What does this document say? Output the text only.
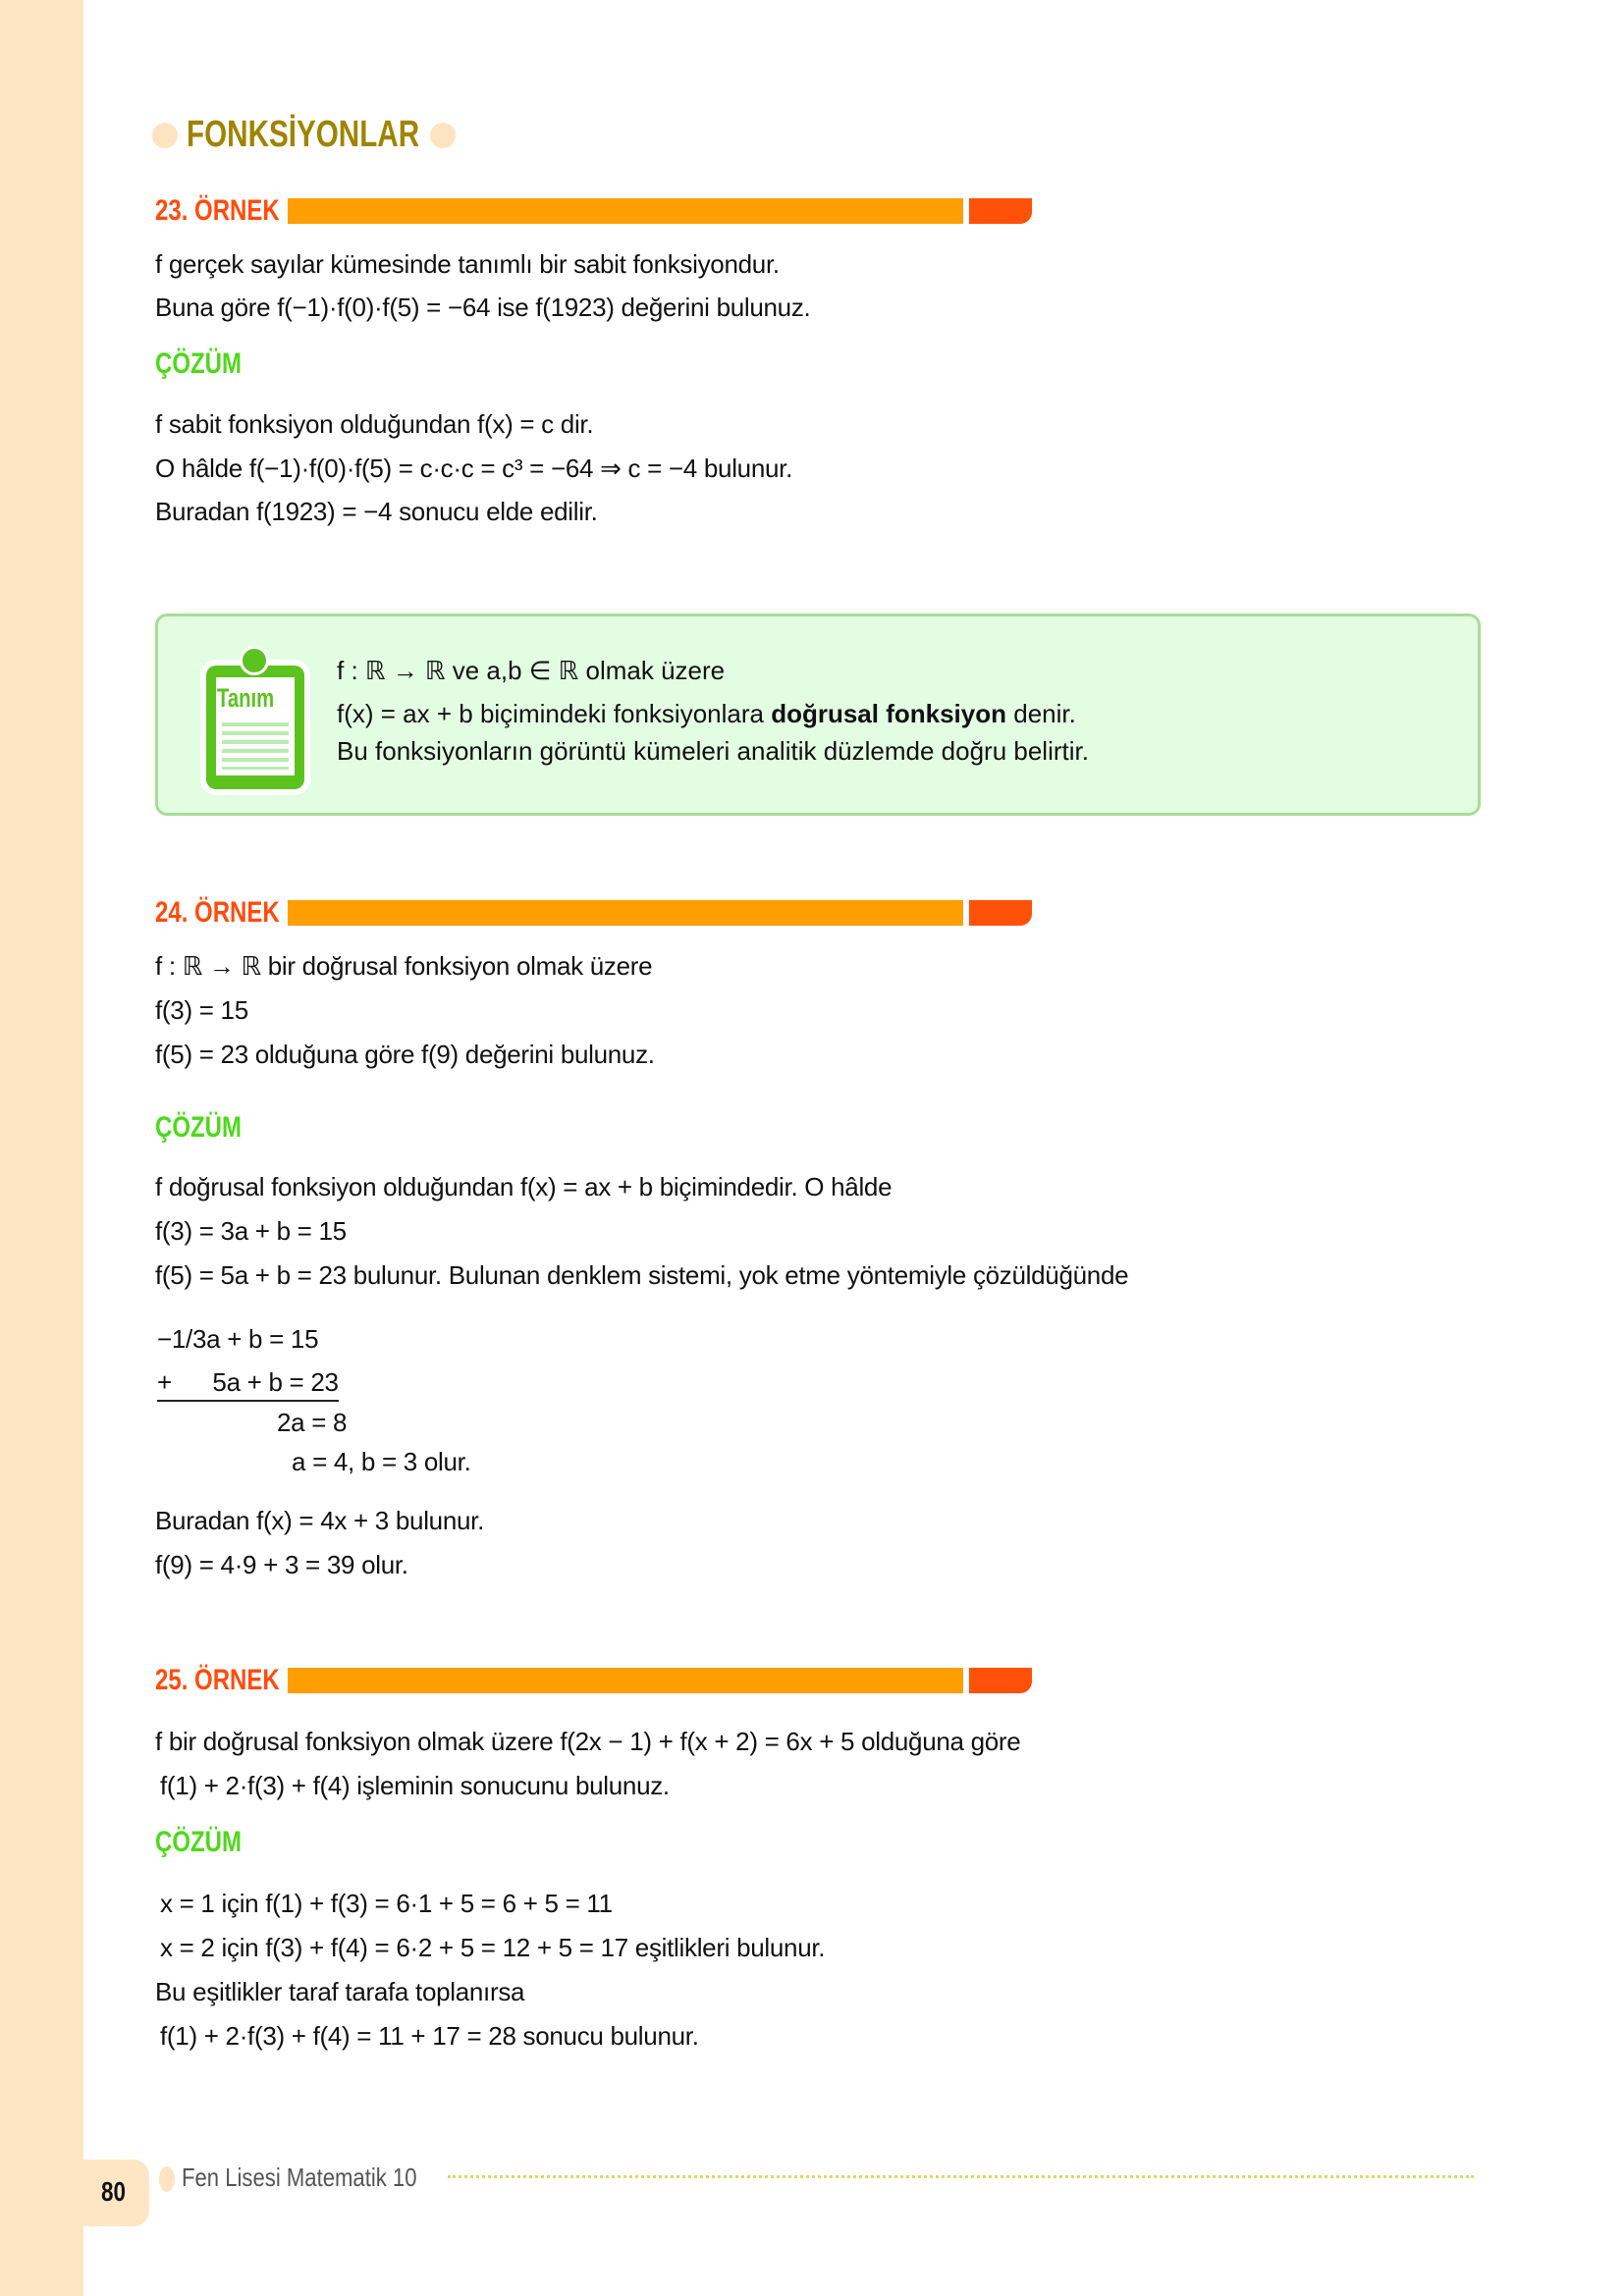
FONKSİYONLAR
23. ÖRNEK
f gerçek sayılar kümesinde tanımlı bir sabit fonksiyondur.
Buna göre f(−1)·f(0)·f(5) = −64 ise f(1923) değerini bulunuz.
ÇÖZÜM
f sabit fonksiyon olduğundan f(x) = c dir.
O hâlde f(−1)·f(0)·f(5) = c·c·c = c³ = −64 ⇒ c = −4 bulunur.
Buradan f(1923) = −4 sonucu elde edilir.
Tanım
f : ℝ → ℝ ve a,b ∈ ℝ olmak üzere
f(x) = ax + b biçimindeki fonksiyonlara doğrusal fonksiyon denir.
Bu fonksiyonların görüntü kümeleri analitik düzlemde doğru belirtir.
24. ÖRNEK
f : ℝ → ℝ bir doğrusal fonksiyon olmak üzere
f(3) = 15
f(5) = 23 olduğuna göre f(9) değerini bulunuz.
ÇÖZÜM
f doğrusal fonksiyon olduğundan f(x) = ax + b biçimindedir. O hâlde
f(3) = 3a + b = 15
f(5) = 5a + b = 23 bulunur. Bulunan denklem sistemi, yok etme yöntemiyle çözüldüğünde
−1/3a + b = 15
+      5a + b = 23
2a = 8
a = 4, b = 3 olur.
Buradan f(x) = 4x + 3 bulunur.
f(9) = 4·9 + 3 = 39 olur.
25. ÖRNEK
f bir doğrusal fonksiyon olmak üzere f(2x − 1) + f(x + 2) = 6x + 5 olduğuna göre
f(1) + 2·f(3) + f(4) işleminin sonucunu bulunuz.
ÇÖZÜM
x = 1 için f(1) + f(3) = 6·1 + 5 = 6 + 5 = 11
x = 2 için f(3) + f(4) = 6·2 + 5 = 12 + 5 = 17 eşitlikleri bulunur.
Bu eşitlikler taraf tarafa toplanırsa
f(1) + 2·f(3) + f(4) = 11 + 17 = 28 sonucu bulunur.
80 Fen Lisesi Matematik 10
